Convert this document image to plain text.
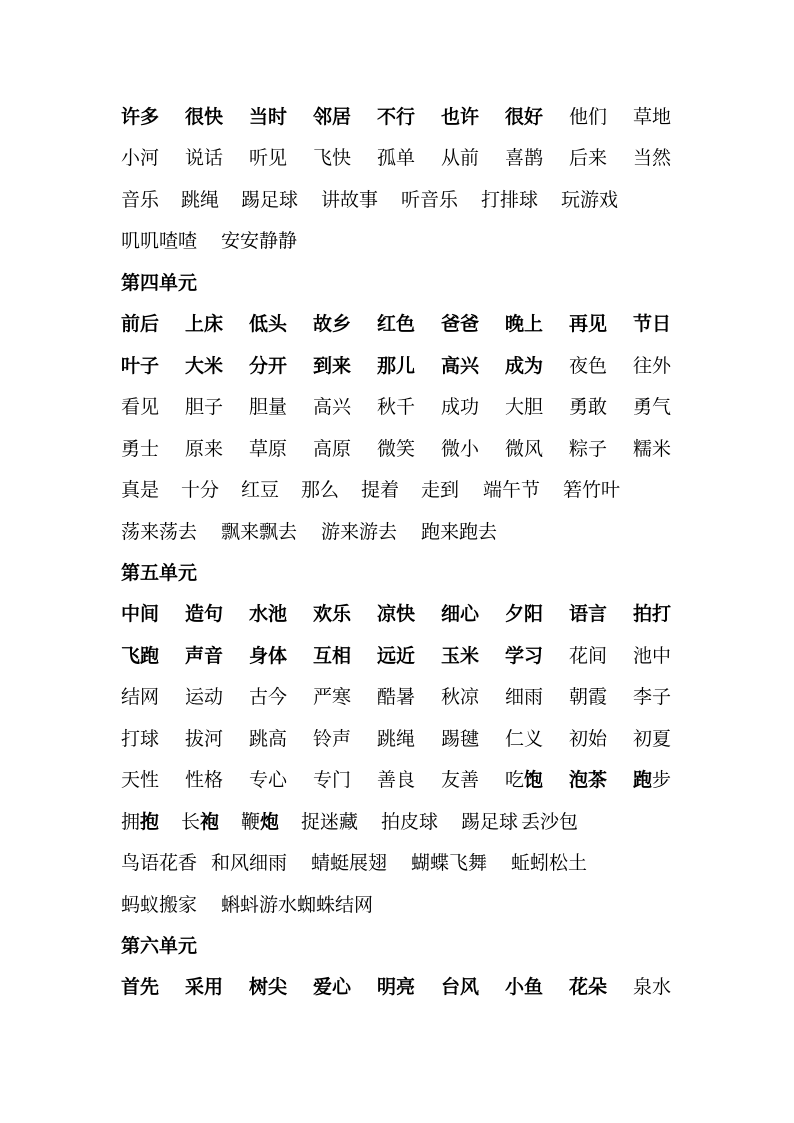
许多 很快 当时 邻居 不行 也许 很好 他们 草地
小河 说话 听见 飞快 孤单 从前 喜鹊 后来 当然
音乐 跳绳 踢足球 讲故事 听音乐 打排球 玩游戏
叽叽喳喳 安安静静
第四单元
前后 上床 低头 故乡 红色 爸爸 晚上 再见 节日
叶子 大米 分开 到来 那儿 高兴 成为 夜色 往外
看见 胆子 胆量 高兴 秋千 成功 大胆 勇敢 勇气
勇士 原来 草原 高原 微笑 微小 微风 粽子 糯米
真是 十分 红豆 那么 提着 走到 端午节 箬竹叶
荡来荡去 飘来飘去 游来游去 跑来跑去
第五单元
中间 造句 水池 欢乐 凉快 细心 夕阳 语言 拍打
飞跑 声音 身体 互相 远近 玉米 学习 花间 池中
结网 运动 古今 严寒 酷暑 秋凉 细雨 朝霞 李子
打球 拔河 跳高 铃声 跳绳 踢毽 仁义 初始 初夏
天性 性格 专心 专门 善良 友善 吃饱 泡茶 跑步
拥抱 长袍 鞭炮 捉迷藏 拍皮球 踢足球 丢沙包
鸟语花香 和风细雨 蜻蜓展翅 蝴蝶飞舞 蚯蚓松土
蚂蚁搬家 蝌蚪游水蜘蛛结网
第六单元
首先 采用 树尖 爱心 明亮 台风 小鱼 花朵 泉水
